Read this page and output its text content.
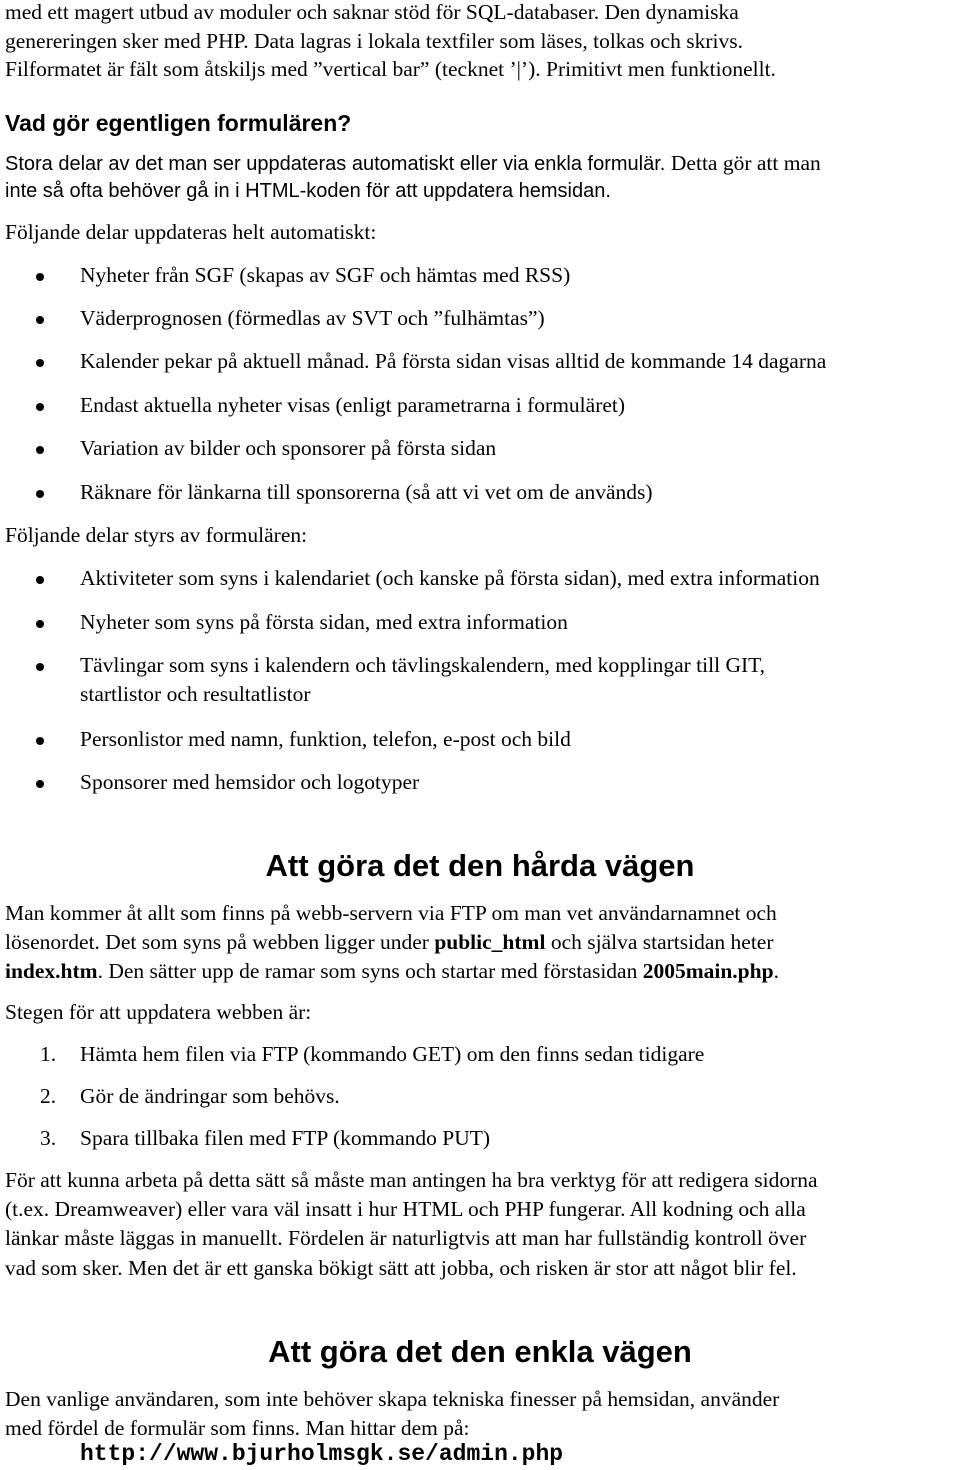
med ett magert utbud av moduler och saknar stöd för SQL-databaser. Den dynamiska
genereringen sker med PHP. Data lagras i lokala textfiler som läses, tolkas och skrivs.
Filformatet är fält som åtskiljs med ”vertical bar” (tecknet ’|’). Primitivt men funktionellt.
Vad gör egentligen formulären?
Stora delar av det man ser uppdateras automatiskt eller via enkla formulär. Detta gör att man
inte så ofta behöver gå in i HTML-koden för att uppdatera hemsidan.
Följande delar uppdateras helt automatiskt:
Nyheter från SGF (skapas av SGF och hämtas med RSS)
Väderprognosen (förmedlas av SVT och ”fulhämtas”)
Kalender pekar på aktuell månad. På första sidan visas alltid de kommande 14 dagarna
Endast aktuella nyheter visas (enligt parametrarna i formuläret)
Variation av bilder och sponsorer på första sidan
Räknare för länkarna till sponsorerna (så att vi vet om de används)
Följande delar styrs av formulären:
Aktiviteter som syns i kalendariet (och kanske på första sidan), med extra information
Nyheter som syns på första sidan, med extra information
Tävlingar som syns i kalendern och tävlingskalendern, med kopplingar till GIT,
startlistor och resultatlistor
Personlistor med namn, funktion, telefon, e-post och bild
Sponsorer med hemsidor och logotyper
Att göra det den hårda vägen
Man kommer åt allt som finns på webb-servern via FTP om man vet användarnamnet och
lösenordet. Det som syns på webben ligger under public_html och själva startsidan heter
index.htm. Den sätter upp de ramar som syns och startar med förstasidan 2005main.php.
Stegen för att uppdatera webben är:
1. Hämta hem filen via FTP (kommando GET) om den finns sedan tidigare
2. Gör de ändringar som behövs.
3. Spara tillbaka filen med FTP (kommando PUT)
För att kunna arbeta på detta sätt så måste man antingen ha bra verktyg för att redigera sidorna
(t.ex. Dreamweaver) eller vara väl insatt i hur HTML och PHP fungerar. All kodning och alla
länkar måste läggas in manuellt. Fördelen är naturligtvis att man har fullständig kontroll över
vad som sker. Men det är ett ganska bökigt sätt att jobba, och risken är stor att något blir fel.
Att göra det den enkla vägen
Den vanlige användaren, som inte behöver skapa tekniska finesser på hemsidan, använder
med fördel de formulär som finns. Man hittar dem på:
http://www.bjurholmsgk.se/admin.php
